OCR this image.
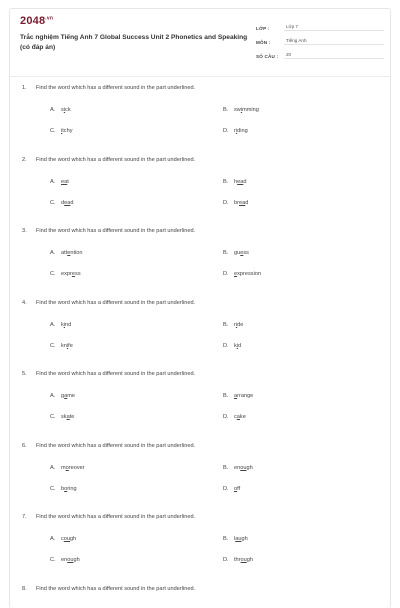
$2048^{.vn}$
Trắc nghiệm Tiếng Anh 7 Global Success Unit 2 Phonetics and Speaking (có đáp án)
LỚP :	Lớp 7
MÔN :	Tiếng Anh
SỐ CÂU :	20
1.	Find the word which has a different sound in the part underlined.
A.	sick	B.	swimming
C. itchy	D. riding
2.	Find the word which has a different sound in the part underlined.
A.	eat	B.	head
C. dead	D. bread
3.	Find the word which has a different sound in the part underlined.
A.	attention	B.	guess
C. express	D. expression
4.	Find the word which has a different sound in the part underlined.
A.	kind	B.	ride
C. knife	D. kid
5.	Find the word which has a different sound in the part underlined.
A.	game	B.	arrange
C. skate	D. cake
6.	Find the word which has a different sound in the part underlined.
A.	moreover	B.	enough
C. boring	D. off
7.	Find the word which has a different sound in the part underlined.
A.	cough	B.	laugh
C. enough	D. through
8.	Find the word which has a different sound in the part underlined.
